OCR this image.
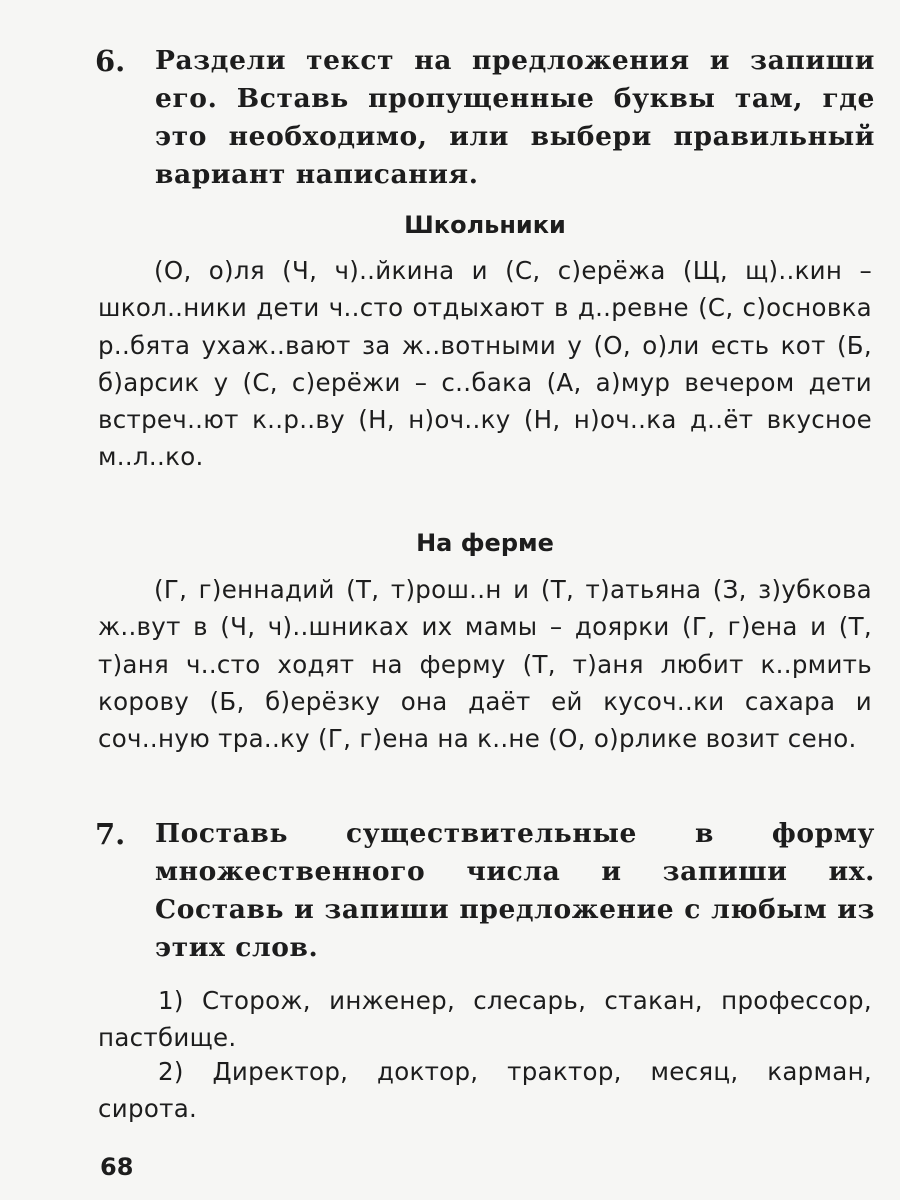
6. Раздели текст на предложения и запиши его. Вставь пропущенные буквы там, где это необходимо, или выбери правильный вариант написания.
Школьники
(О, о)ля (Ч, ч)..йкина и (С, с)ерёжа (Щ, щ)..кин – школ..ники дети ч..сто отдыхают в д..ревне (С, с)основка р..бята ухаж..вают за ж..вотными у (О, о)ли есть кот (Б, б)арсик у (С, с)ерёжи – с..бака (А, а)мур вечером дети встреч..ют к..р..ву (Н, н)оч..ку (Н, н)оч..ка д..ёт вкусное м..л..ко.
На ферме
(Г, г)еннадий (Т, т)рош..н и (Т, т)атьяна (З, з)убкова ж..вут в (Ч, ч)..шниках их мамы – доярки (Г, г)ена и (Т, т)аня ч..сто ходят на ферму (Т, т)аня любит к..рмить корову (Б, б)ерёзку она даёт ей кусоч..ки сахара и соч..ную тра..ку (Г, г)ена на к..не (О, о)рлике возит сено.
7. Поставь существительные в форму множественного числа и запиши их. Составь и запиши предложение с любым из этих слов.
1) Сторож, инженер, слесарь, стакан, профессор, пастбище.
2) Директор, доктор, трактор, месяц, карман, сирота.
68
